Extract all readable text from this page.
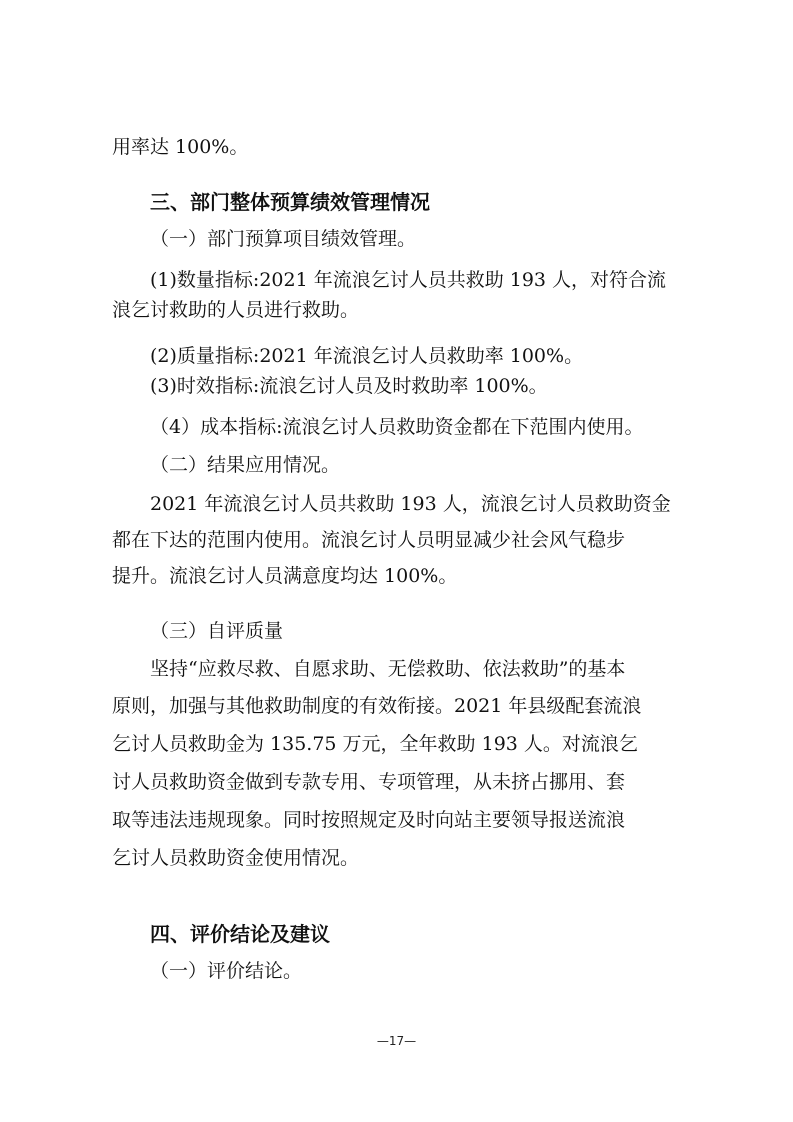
用率达 100%。

三、部门整体预算绩效管理情况

（一）部门预算项目绩效管理。

(1)数量指标:2021 年流浪乞讨人员共救助 193 人，对符合流

浪乞讨救助的人员进行救助。

(2)质量指标:2021 年流浪乞讨人员救助率 100%。

(3)时效指标:流浪乞讨人员及时救助率 100%。

（4）成本指标:流浪乞讨人员救助资金都在下范围内使用。

（二）结果应用情况。

2021 年流浪乞讨人员共救助 193 人，流浪乞讨人员救助资金

都在下达的范围内使用。流浪乞讨人员明显减少社会风气稳步

提升。流浪乞讨人员满意度均达 100%。

（三）自评质量

坚持“应救尽救、自愿求助、无偿救助、依法救助”的基本

原则，加强与其他救助制度的有效衔接。2021 年县级配套流浪

乞讨人员救助金为 135.75 万元，全年救助 193 人。对流浪乞

讨人员救助资金做到专款专用、专项管理，从未挤占挪用、套

取等违法违规现象。同时按照规定及时向站主要领导报送流浪

乞讨人员救助资金使用情况。

四、评价结论及建议

（一）评价结论。

—17—
